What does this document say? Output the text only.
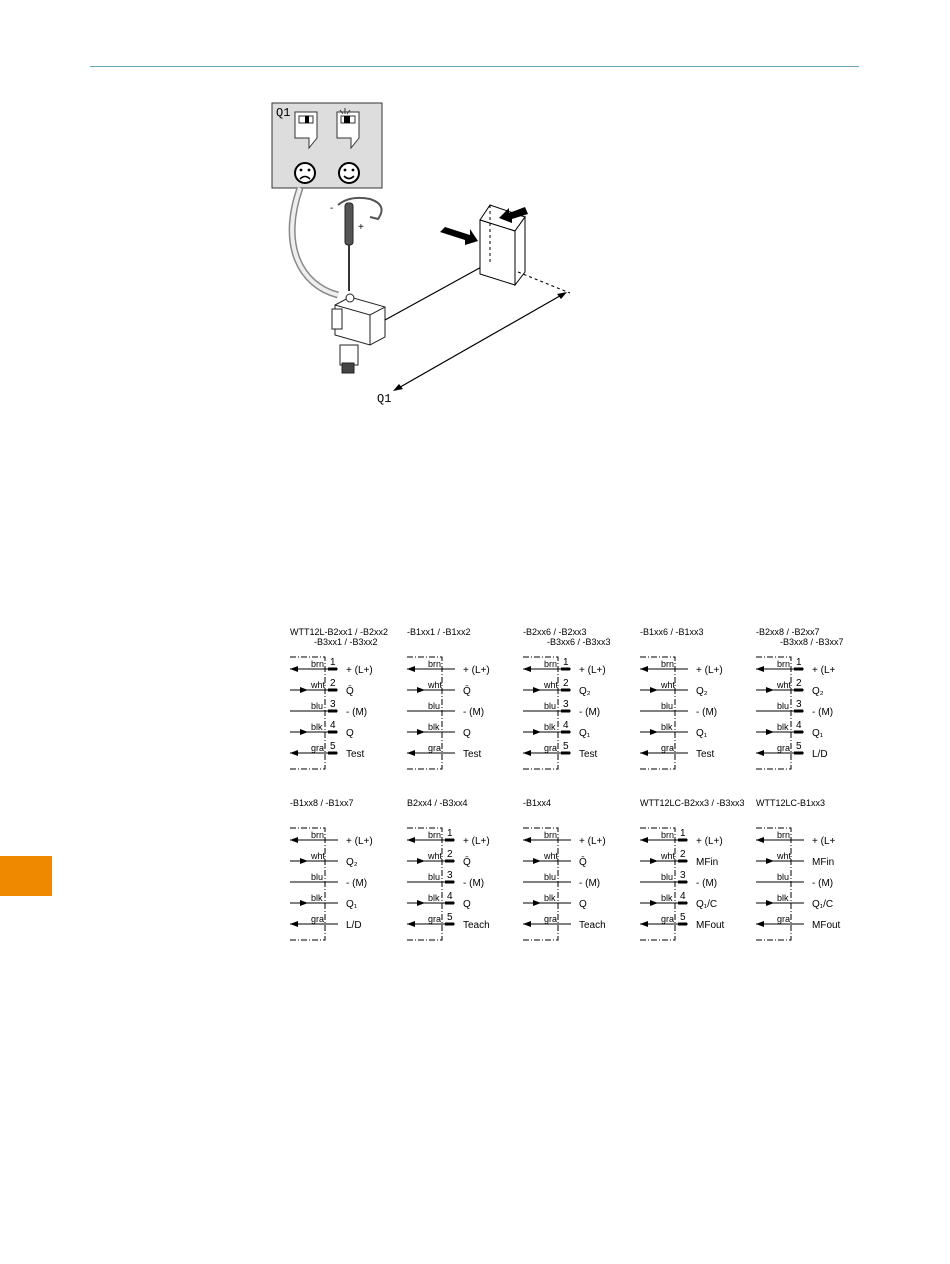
Q1
-
+
Q1
WTT12L-B2xx1 / -B2xx2
-B3xx1 / -B3xx2
brn 1
+ (L+)
wht 2
Q̄
blu 3
- (M)
blk 4
Q
gra 5
Test
-B1xx1 / -B1xx2
brn
+ (L+)
wht
Q̄
blu
- (M)
blk
Q
gra
Test
-B2xx6 / -B2xx3
-B3xx6 / -B3xx3
brn 1
+ (L+)
wht 2
Q₂
blu 3
- (M)
blk 4
Q₁
gra 5
Test
-B1xx6 / -B1xx3
brn
+ (L+)
wht
Q₂
blu
- (M)
blk
Q₁
gra
Test
-B2xx8 / -B2xx7
-B3xx8 / -B3xx7
brn 1
+ (L+
wht 2
Q₂
blu 3
- (M)
blk 4
Q₁
gra 5
L/D
-B1xx8 / -B1xx7
brn
+ (L+)
wht
Q₂
blu
- (M)
blk
Q₁
gra
L/D
B2xx4 / -B3xx4
brn 1
+ (L+)
wht 2
Q̄
blu 3
- (M)
blk 4
Q
gra 5
Teach
-B1xx4
brn
+ (L+)
wht
Q̄
blu
- (M)
blk
Q
gra
Teach
WTT12LC-B2xx3 / -B3xx3
brn 1
+ (L+)
wht 2
MFin
blu 3
- (M)
blk 4
Q₁/C
gra 5
MFout
WTT12LC-B1xx3
brn
+ (L+
wht
MFin
blu
- (M)
blk
Q₁/C
gra
MFout
